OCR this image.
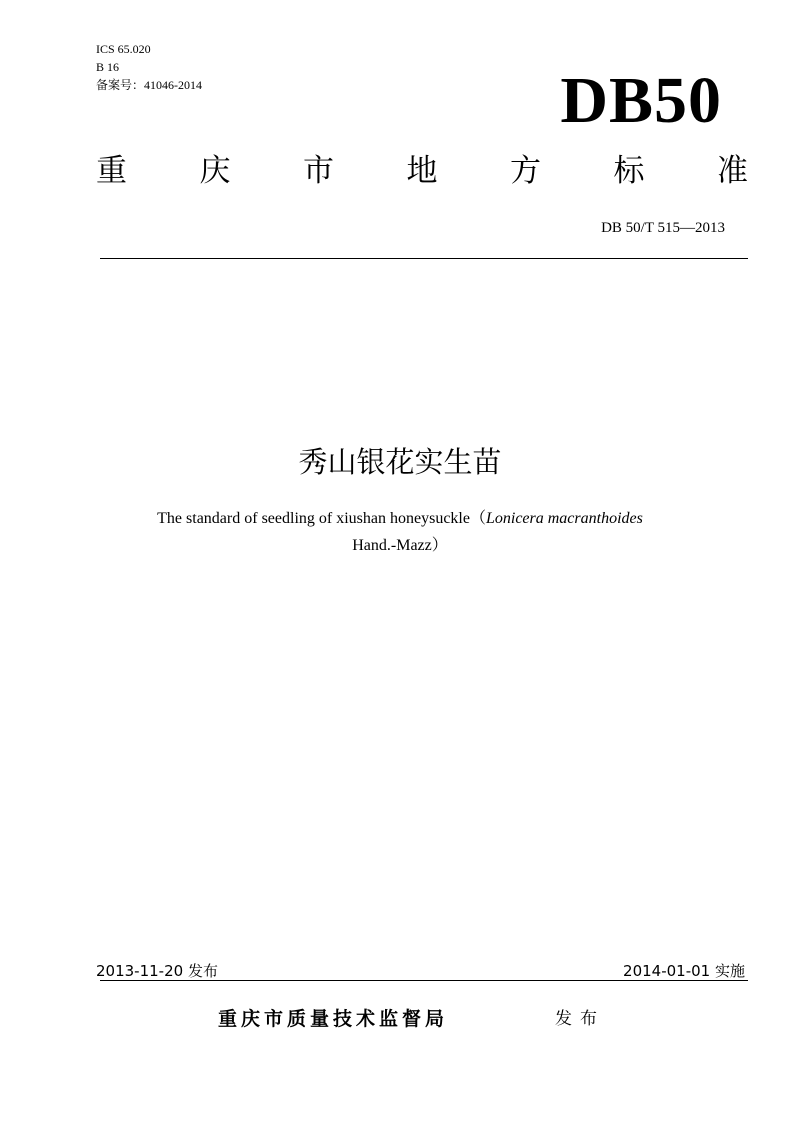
ICS 65.020
B 16
备案号：41046-2014	DB50
重 庆 市 地 方 标 准
DB 50/T 515—2013
秀山银花实生苗
The standard of seedling of xiushan honeysuckle（Lonicera macranthoides
Hand.-Mazz）
2013-11-20 发布	2014-01-01 实施
重庆市质量技术监督局	发布
